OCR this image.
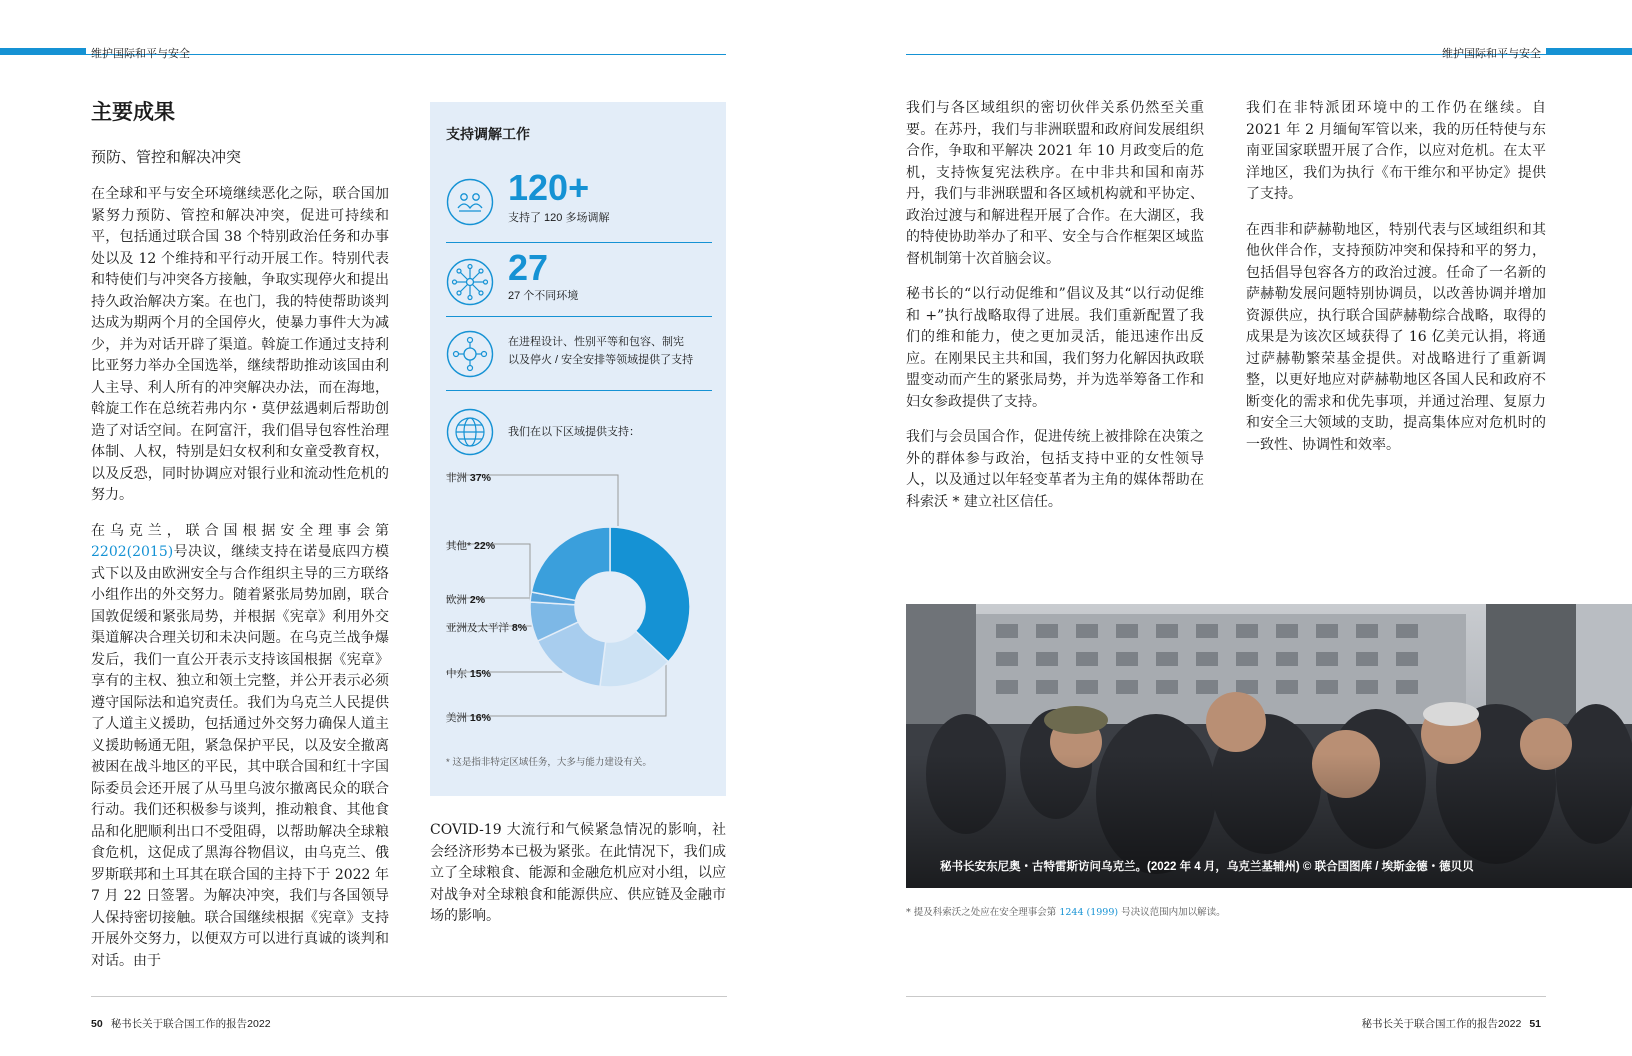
维护国际和平与安全	维护国际和平与安全
主要成果
预防、管控和解决冲突

在全球和平与安全环境继续恶化之际，联合国加紧努力预防、管控和解决冲突，促进可持续和平，包括通过联合国 38 个特别政治任务和办事处以及 12 个维持和平行动开展工作。特别代表和特使们与冲突各方接触，争取实现停火和提出持久政治解决方案。在也门，我的特使帮助谈判达成为期两个月的全国停火，使暴力事件大为减少，并为对话开辟了渠道。斡旋工作通过支持利比亚努力举办全国选举，继续帮助推动该国由利人主导、利人所有的冲突解决办法，而在海地，斡旋工作在总统若弗内尔・莫伊兹遇刺后帮助创造了对话空间。在阿富汗，我们倡导包容性治理体制、人权，特别是妇女权利和女童受教育权，以及反恐，同时协调应对银行业和流动性危机的努力。

在乌克兰，联合国根据安全理事会第2202(2015)号决议，继续支持在诺曼底四方模式下以及由欧洲安全与合作组织主导的三方联络小组作出的外交努力。随着紧张局势加剧，联合国敦促缓和紧张局势，并根据《宪章》利用外交渠道解决合理关切和未决问题。在乌克兰战争爆发后，我们一直公开表示支持该国根据《宪章》享有的主权、独立和领土完整，并公开表示必须遵守国际法和追究责任。我们为乌克兰人民提供了人道主义援助，包括通过外交努力确保人道主义援助畅通无阻，紧急保护平民，以及安全撤离被困在战斗地区的平民，其中联合国和红十字国际委员会还开展了从马里乌波尔撤离民众的联合行动。我们还积极参与谈判，推动粮食、其他食品和化肥顺利出口不受阻碍，以帮助解决全球粮食危机，这促成了黑海谷物倡议，由乌克兰、俄罗斯联邦和土耳其在联合国的主持下于 2022 年 7 月 22 日签署。为解决冲突，我们与各国领导人保持密切接触。联合国继续根据《宪章》支持开展外交努力，以便双方可以进行真诚的谈判和对话。由于

支持调解工作
120+
支持了 120 多场调解
27
27 个不同环境
在进程设计、性别平等和包容、制宪
以及停火 / 安全安排等领域提供了支持
我们在以下区域提供支持：
非洲 37%
其他* 22%
欧洲 2%
亚洲及太平洋 8%
中东 15%
美洲 16%
* 这是指非特定区域任务，大多与能力建设有关。

COVID-19 大流行和气候紧急情况的影响，社会经济形势本已极为紧张。在此情况下，我们成立了全球粮食、能源和金融危机应对小组，以应对战争对全球粮食和能源供应、供应链及金融市场的影响。

我们与各区域组织的密切伙伴关系仍然至关重要。在苏丹，我们与非洲联盟和政府间发展组织合作，争取和平解决 2021 年 10 月政变后的危机，支持恢复宪法秩序。在中非共和国和南苏丹，我们与非洲联盟和各区域机构就和平协定、政治过渡与和解进程开展了合作。在大湖区，我的特使协助举办了和平、安全与合作框架区域监督机制第十次首脑会议。

秘书长的“以行动促维和”倡议及其“以行动促维和 +”执行战略取得了进展。我们重新配置了我们的维和能力，使之更加灵活，能迅速作出反应。在刚果民主共和国，我们努力化解因执政联盟变动而产生的紧张局势，并为选举筹备工作和妇女参政提供了支持。

我们与会员国合作，促进传统上被排除在决策之外的群体参与政治，包括支持中亚的女性领导人，以及通过以年轻变革者为主角的媒体帮助在科索沃 * 建立社区信任。

我们在非特派团环境中的工作仍在继续。自 2021 年 2 月缅甸军管以来，我的历任特使与东南亚国家联盟开展了合作，以应对危机。在太平洋地区，我们为执行《布干维尔和平协定》提供了支持。

在西非和萨赫勒地区，特别代表与区域组织和其他伙伴合作，支持预防冲突和保持和平的努力，包括倡导包容各方的政治过渡。任命了一名新的萨赫勒发展问题特别协调员，以改善协调并增加资源供应，执行联合国萨赫勒综合战略，取得的成果是为该次区域获得了 16 亿美元认捐，将通过萨赫勒繁荣基金提供。对战略进行了重新调整，以更好地应对萨赫勒地区各国人民和政府不断变化的需求和优先事项，并通过治理、复原力和安全三大领域的支助，提高集体应对危机时的一致性、协调性和效率。

秘书长安东尼奥・古特雷斯访问乌克兰。(2022 年 4 月，乌克兰基辅州) © 联合国图库 / 埃斯金德・德贝贝
* 提及科索沃之处应在安全理事会第 1244 (1999) 号决议范围内加以解读。
50 秘书长关于联合国工作的报告2022	秘书长关于联合国工作的报告2022 51
